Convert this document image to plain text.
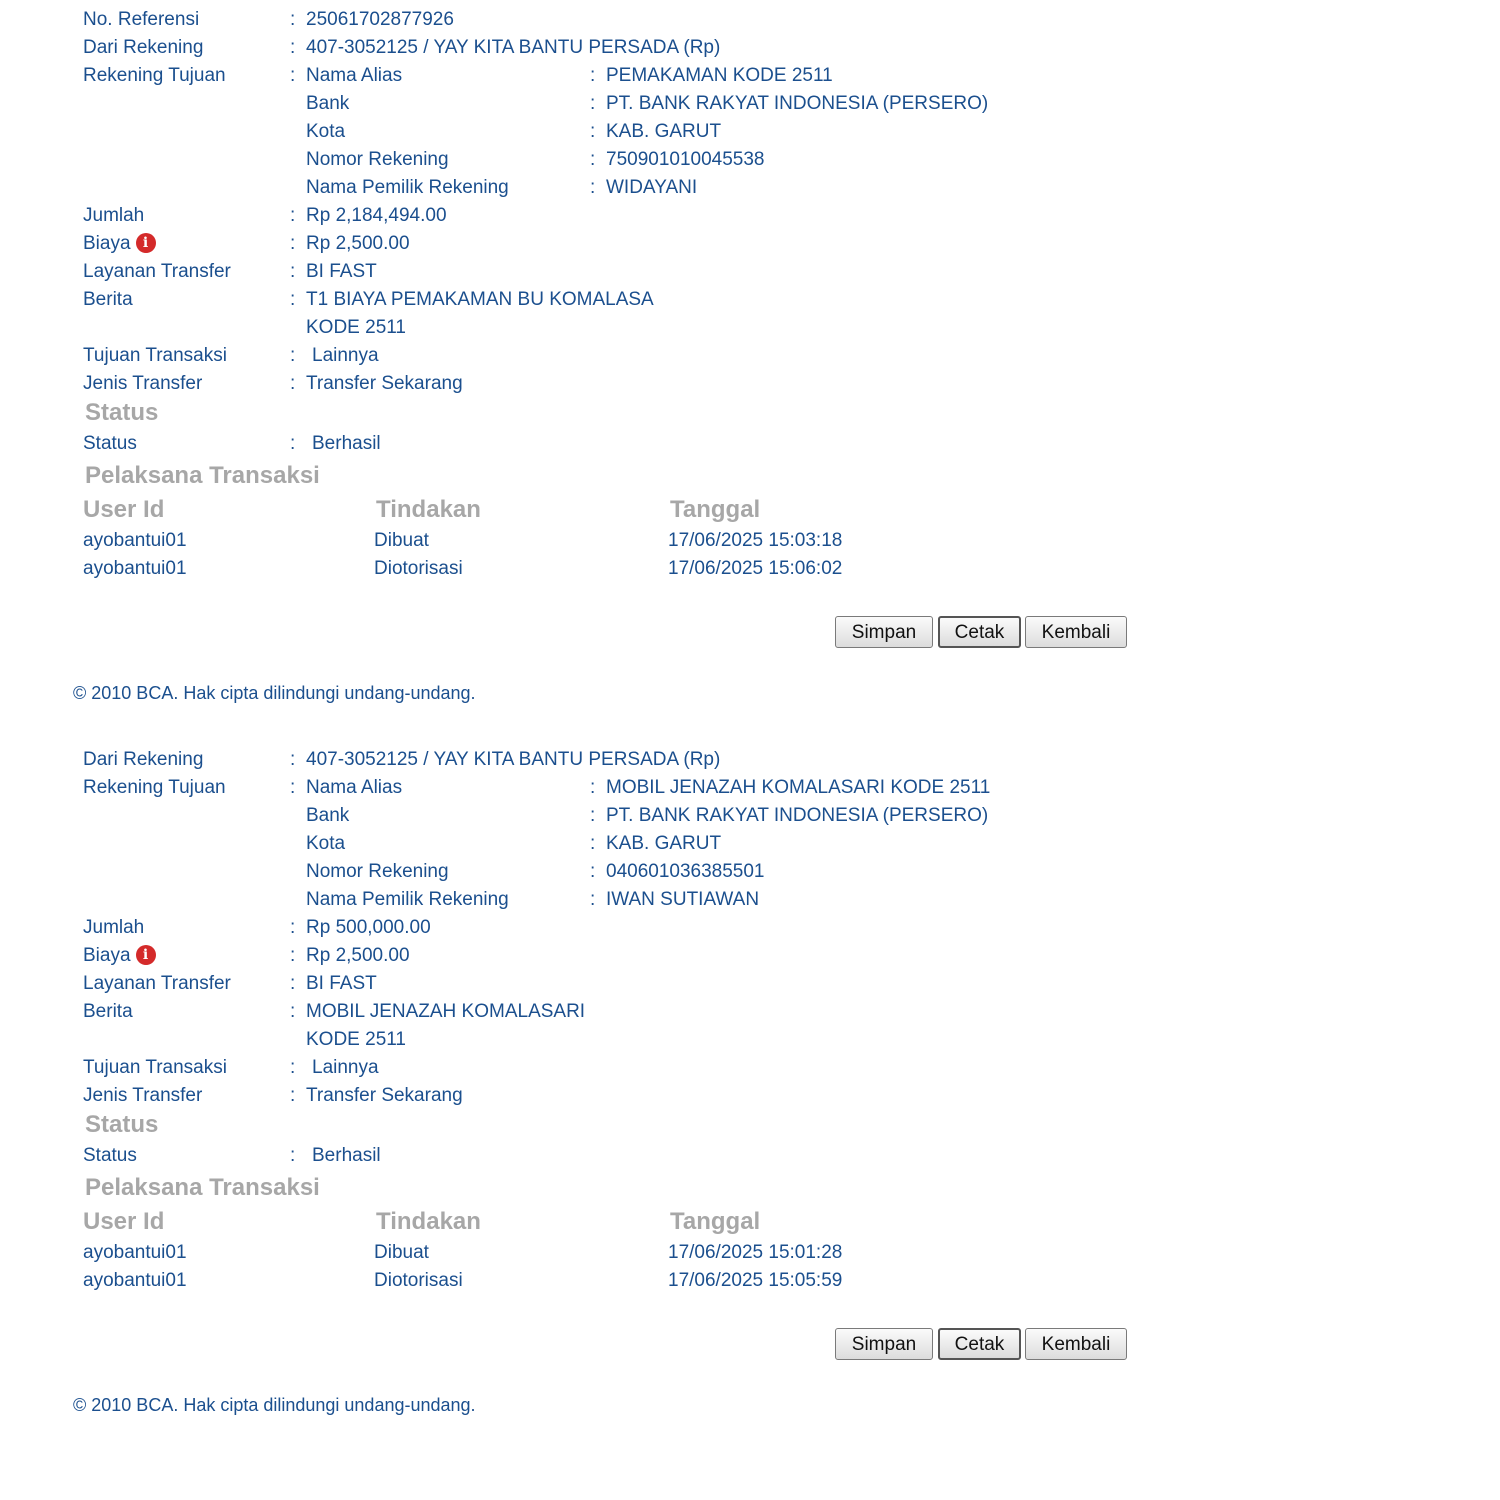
No. Referensi	: 25061702877926
Dari Rekening	: 407-3052125 / YAY KITA BANTU PERSADA (Rp)
Rekening Tujuan	: Nama Alias	: PEMAKAMAN KODE 2511
Bank	: PT. BANK RAKYAT INDONESIA (PERSERO)
Kota	: KAB. GARUT
Nomor Rekening	: 750901010045538
Nama Pemilik Rekening	: WIDAYANI
Jumlah	: Rp 2,184,494.00
Biaya i	: Rp 2,500.00
Layanan Transfer	: BI FAST
Berita	: T1 BIAYA PEMAKAMAN BU KOMALASA
KODE 2511
Tujuan Transaksi	: Lainnya
Jenis Transfer	: Transfer Sekarang
Status
Status	: Berhasil
Pelaksana Transaksi
User Id	Tindakan	Tanggal
ayobantui01	Dibuat	17/06/2025 15:03:18
ayobantui01	Diotorisasi	17/06/2025 15:06:02
Simpan	Cetak	Kembali
© 2010 BCA. Hak cipta dilindungi undang-undang.
Dari Rekening	: 407-3052125 / YAY KITA BANTU PERSADA (Rp)
Rekening Tujuan	: Nama Alias	: MOBIL JENAZAH KOMALASARI KODE 2511
Bank	: PT. BANK RAKYAT INDONESIA (PERSERO)
Kota	: KAB. GARUT
Nomor Rekening	: 040601036385501
Nama Pemilik Rekening	: IWAN SUTIAWAN
Jumlah	: Rp 500,000.00
Biaya i	: Rp 2,500.00
Layanan Transfer	: BI FAST
Berita	: MOBIL JENAZAH KOMALASARI
KODE 2511
Tujuan Transaksi	: Lainnya
Jenis Transfer	: Transfer Sekarang
Status
Status	: Berhasil
Pelaksana Transaksi
User Id	Tindakan	Tanggal
ayobantui01	Dibuat	17/06/2025 15:01:28
ayobantui01	Diotorisasi	17/06/2025 15:05:59
Simpan	Cetak	Kembali
© 2010 BCA. Hak cipta dilindungi undang-undang.
